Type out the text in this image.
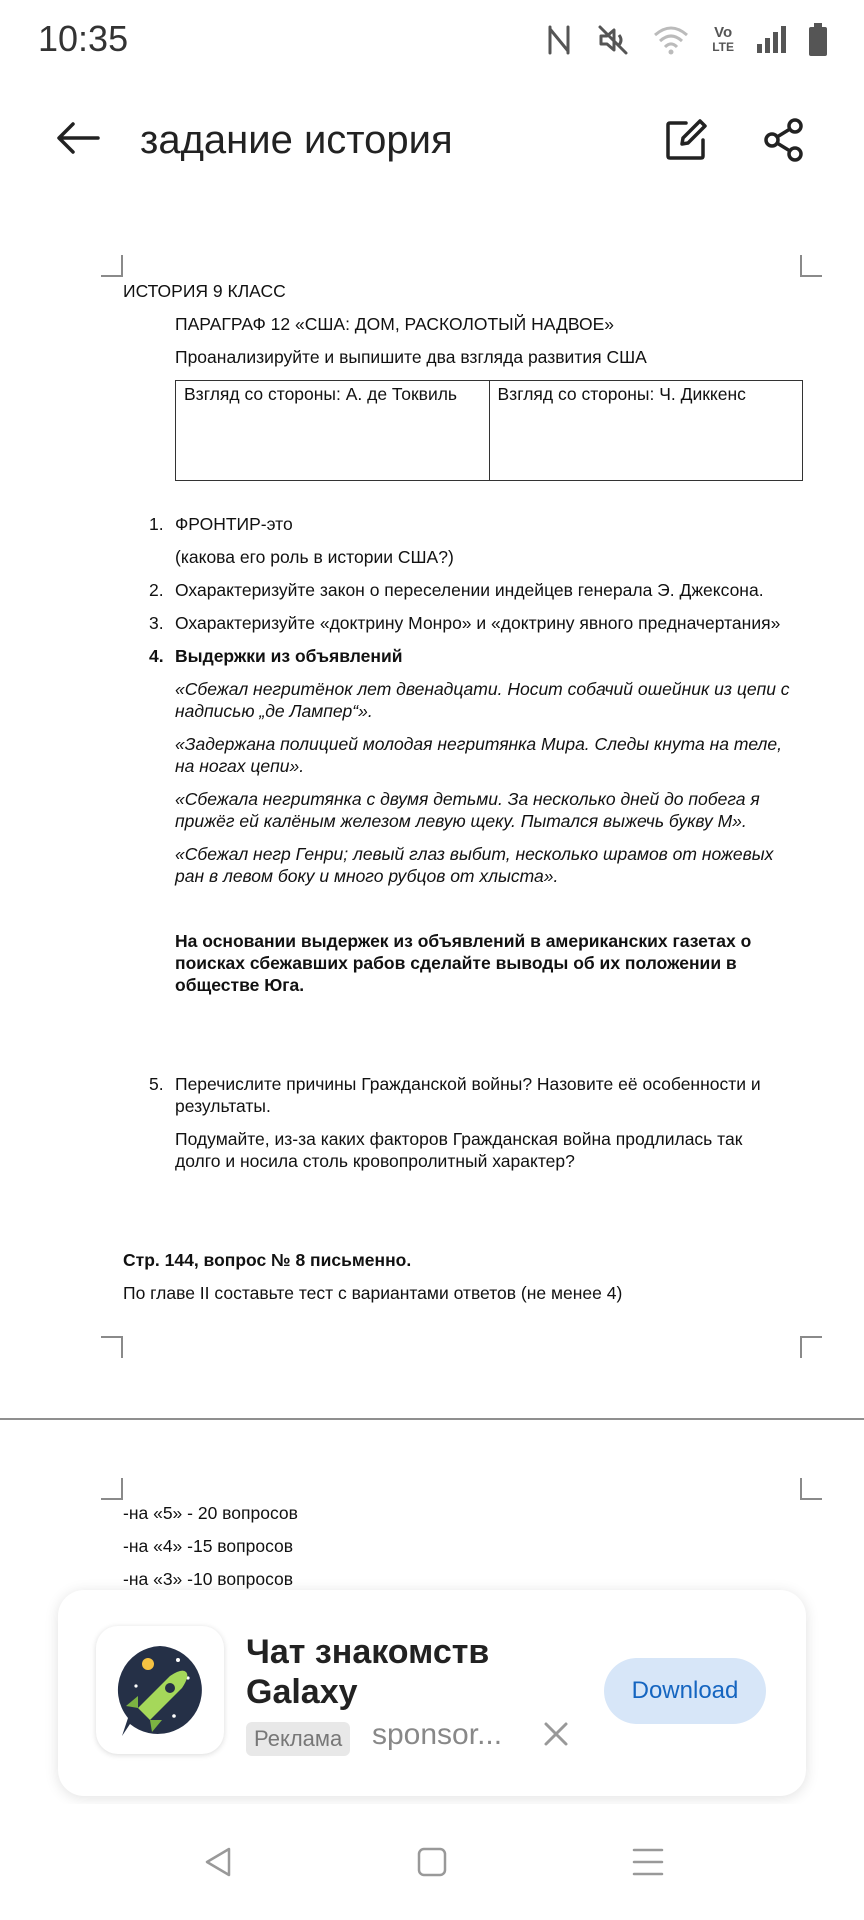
10:35	Vo
LTE
задание история
ИСТОРИЯ 9 КЛАСС
ПАРАГРАФ 12 «США: ДОМ, РАСКОЛОТЫЙ НАДВОЕ»
Проанализируйте и выпишите два взгляда развития США
Взгляд со стороны: А. де Токвиль	Взгляд со стороны: Ч. Диккенс
1. ФРОНТИР-это
(какова его роль в истории США?)
2. Охарактеризуйте закон о переселении индейцев генерала Э. Джексона.
3. Охарактеризуйте «доктрину Монро» и «доктрину явного предначертания»
4. Выдержки из объявлений
«Сбежал негритёнок лет двенадцати. Носит собачий ошейник из цепи с надписью „де Лампер“».
«Задержана полицией молодая негритянка Мира. Следы кнута на теле, на ногах цепи».
«Сбежала негритянка с двумя детьми. За несколько дней до побега я прижёг ей калёным железом левую щеку. Пытался выжечь букву М».
«Сбежал негр Генри; левый глаз выбит, несколько шрамов от ножевых ран в левом боку и много рубцов от хлыста».
На основании выдержек из объявлений в американских газетах о поисках сбежавших рабов сделайте выводы об их положении в обществе Юга.
5. Перечислите причины Гражданской войны? Назовите её особенности и результаты.
Подумайте, из-за каких факторов Гражданская война продлилась так долго и носила столь кровопролитный характер?
Стр. 144, вопрос № 8 письменно.
По главе II составьте тест с вариантами ответов (не менее 4)
-на «5» - 20 вопросов
-на «4» -15 вопросов
-на «3» -10 вопросов
Чат знакомств Galaxy
Реклама sponsor...
Download
